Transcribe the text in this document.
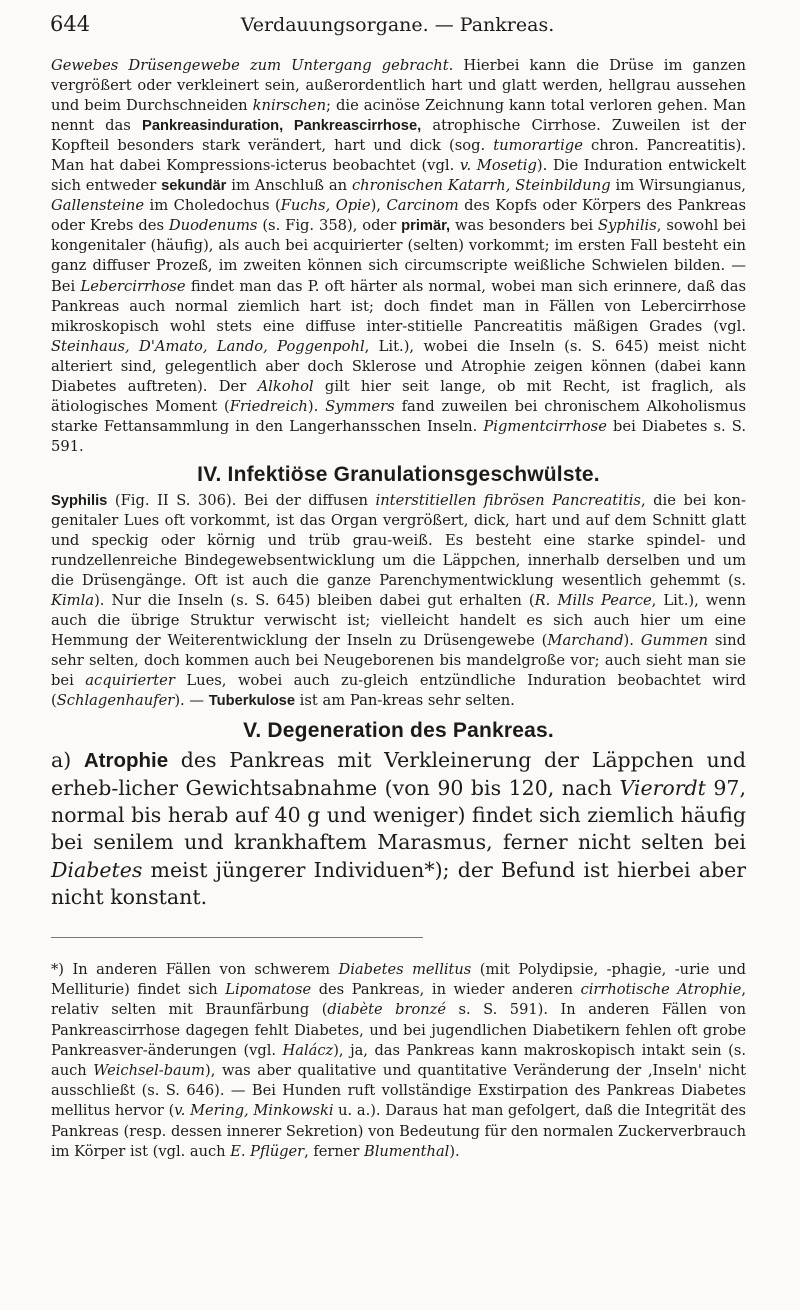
644	Verdauungsorgane. — Pankreas.

Gewebes Drüsengewebe zum Untergang gebracht. Hierbei kann die Drüse im ganzen vergrößert oder verkleinert sein, außerordentlich hart und glatt werden, hellgrau aussehen und beim Durchschneiden knirschen; die acinöse Zeichnung kann total verloren gehen. Man nennt das Pankreasinduration, Pankreascirrhose, atrophische Cirrhose. Zuweilen ist der Kopfteil besonders stark verändert, hart und dick (sog. tumorartige chron. Pancreatitis). Man hat dabei Kompressions-icterus beobachtet (vgl. v. Mosetig). Die Induration entwickelt sich entweder sekundär im Anschluß an chronischen Katarrh, Steinbildung im Wirsungianus, Gallensteine im Choledochus (Fuchs, Opie), Carcinom des Kopfs oder Körpers des Pankreas oder Krebs des Duodenums (s. Fig. 358), oder primär, was besonders bei Syphilis, sowohl bei kongenitaler (häufig), als auch bei acquirierter (selten) vorkommt; im ersten Fall besteht ein ganz diffuser Prozeß, im zweiten können sich circumscripte weißliche Schwielen bilden. — Bei Lebercirrhose findet man das P. oft härter als normal, wobei man sich erinnere, daß das Pankreas auch normal ziemlich hart ist; doch findet man in Fällen von Lebercirrhose mikroskopisch wohl stets eine diffuse inter-stitielle Pancreatitis mäßigen Grades (vgl. Steinhaus, D'Amato, Lando, Poggenpohl, Lit.), wobei die Inseln (s. S. 645) meist nicht alteriert sind, gelegentlich aber doch Sklerose und Atrophie zeigen können (dabei kann Diabetes auftreten). Der Alkohol gilt hier seit lange, ob mit Recht, ist fraglich, als ätiologisches Moment (Friedreich). Symmers fand zuweilen bei chronischem Alkoholismus starke Fettansammlung in den Langerhansschen Inseln. Pigmentcirrhose bei Diabetes s. S. 591.

IV. Infektiöse Granulationsgeschwülste.

Syphilis (Fig. II S. 306). Bei der diffusen interstitiellen fibrösen Pancreatitis, die bei kon-genitaler Lues oft vorkommt, ist das Organ vergrößert, dick, hart und auf dem Schnitt glatt und speckig oder körnig und trüb grau-weiß. Es besteht eine starke spindel- und rundzellenreiche Bindegewebsentwicklung um die Läppchen, innerhalb derselben und um die Drüsengänge. Oft ist auch die ganze Parenchymentwicklung wesentlich gehemmt (s. Kimla). Nur die Inseln (s. S. 645) bleiben dabei gut erhalten (R. Mills Pearce, Lit.), wenn auch die übrige Struktur verwischt ist; vielleicht handelt es sich auch hier um eine Hemmung der Weiterentwicklung der Inseln zu Drüsengewebe (Marchand). Gummen sind sehr selten, doch kommen auch bei Neugeborenen bis mandelgroße vor; auch sieht man sie bei acquirierter Lues, wobei auch zu-gleich entzündliche Induration beobachtet wird (Schlagenhaufer). — Tuberkulose ist am Pan-kreas sehr selten.

V. Degeneration des Pankreas.

a) Atrophie des Pankreas mit Verkleinerung der Läppchen und erheb-licher Gewichtsabnahme (von 90 bis 120, nach Vierordt 97, normal bis herab auf 40 g und weniger) findet sich ziemlich häufig bei senilem und krankhaftem Marasmus, ferner nicht selten bei Diabetes meist jüngerer Individuen*); der Befund ist hierbei aber nicht konstant.

*) In anderen Fällen von schwerem Diabetes mellitus (mit Polydipsie, -phagie, -urie und Melliturie) findet sich Lipomatose des Pankreas, in wieder anderen cirrhotische Atrophie, relativ selten mit Braunfärbung (diabète bronzé s. S. 591). In anderen Fällen von Pankreascirrhose dagegen fehlt Diabetes, und bei jugendlichen Diabetikern fehlen oft grobe Pankreasver-änderungen (vgl. Halácz), ja, das Pankreas kann makroskopisch intakt sein (s. auch Weichsel-baum), was aber qualitative und quantitative Veränderung der ‚Inseln' nicht ausschließt (s. S. 646). — Bei Hunden ruft vollständige Exstirpation des Pankreas Diabetes mellitus hervor (v. Mering, Minkowski u. a.). Daraus hat man gefolgert, daß die Integrität des Pankreas (resp. dessen innerer Sekretion) von Bedeutung für den normalen Zuckerverbrauch im Körper ist (vgl. auch E. Pflüger, ferner Blumenthal).
